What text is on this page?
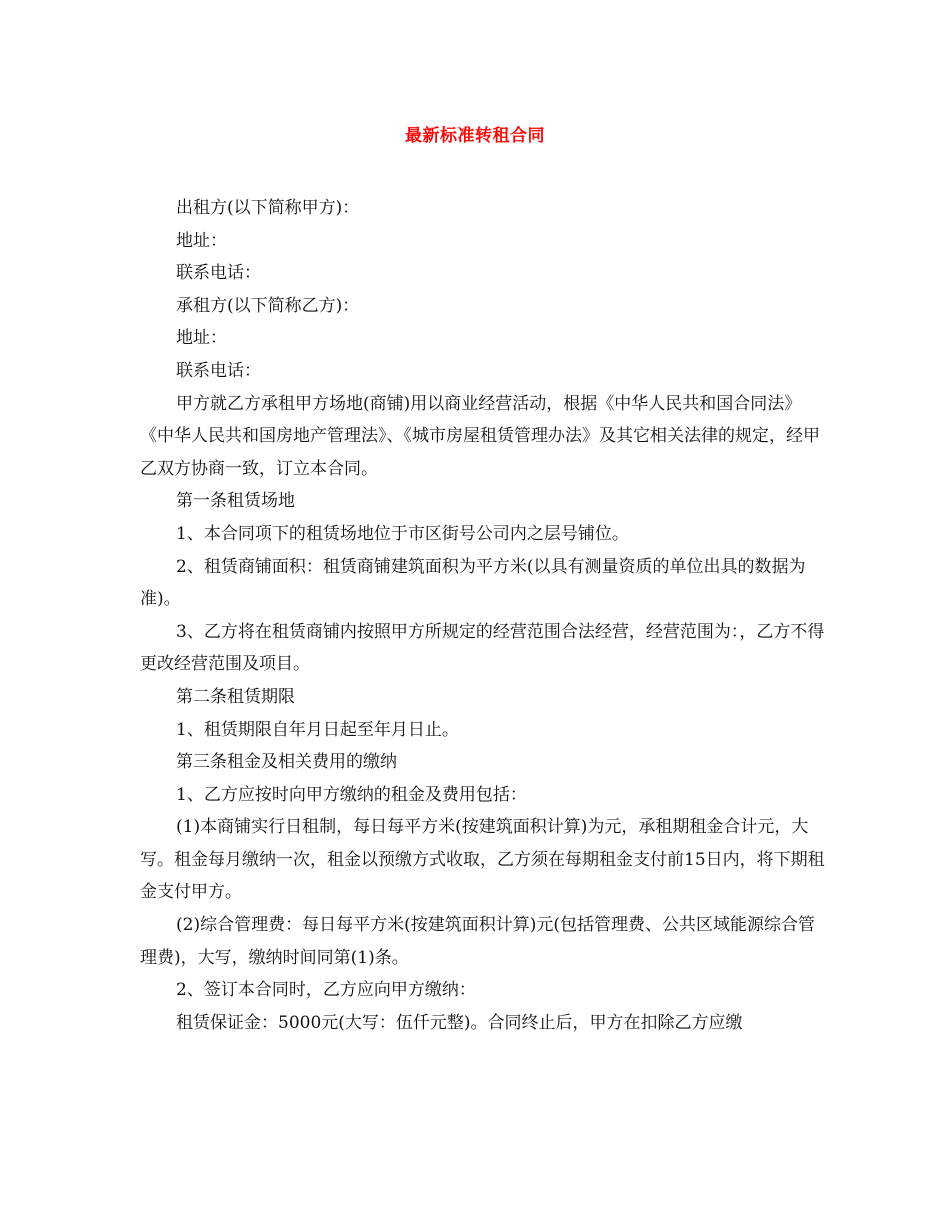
最新标准转租合同

出租方(以下简称甲方)：

地址：

联系电话：

承租方(以下简称乙方)：

地址：

联系电话：

甲方就乙方承租甲方场地(商铺)用以商业经营活动，根据《中华人民共和国合同法》《中华人民共和国房地产管理法》、《城市房屋租赁管理办法》及其它相关法律的规定，经甲乙双方协商一致，订立本合同。

第一条租赁场地

1、本合同项下的租赁场地位于市区街号公司内之层号铺位。

2、租赁商铺面积：租赁商铺建筑面积为平方米(以具有测量资质的单位出具的数据为准)。

3、乙方将在租赁商铺内按照甲方所规定的经营范围合法经营，经营范围为：，乙方不得更改经营范围及项目。

第二条租赁期限

1、租赁期限自年月日起至年月日止。

第三条租金及相关费用的缴纳

1、乙方应按时向甲方缴纳的租金及费用包括：

(1)本商铺实行日租制，每日每平方米(按建筑面积计算)为元，承租期租金合计元，大写。租金每月缴纳一次，租金以预缴方式收取，乙方须在每期租金支付前15日内，将下期租金支付甲方。

(2)综合管理费：每日每平方米(按建筑面积计算)元(包括管理费、公共区域能源综合管理费)，大写，缴纳时间同第(1)条。

2、签订本合同时，乙方应向甲方缴纳：

租赁保证金：5000元(大写：伍仟元整)。合同终止后，甲方在扣除乙方应缴
